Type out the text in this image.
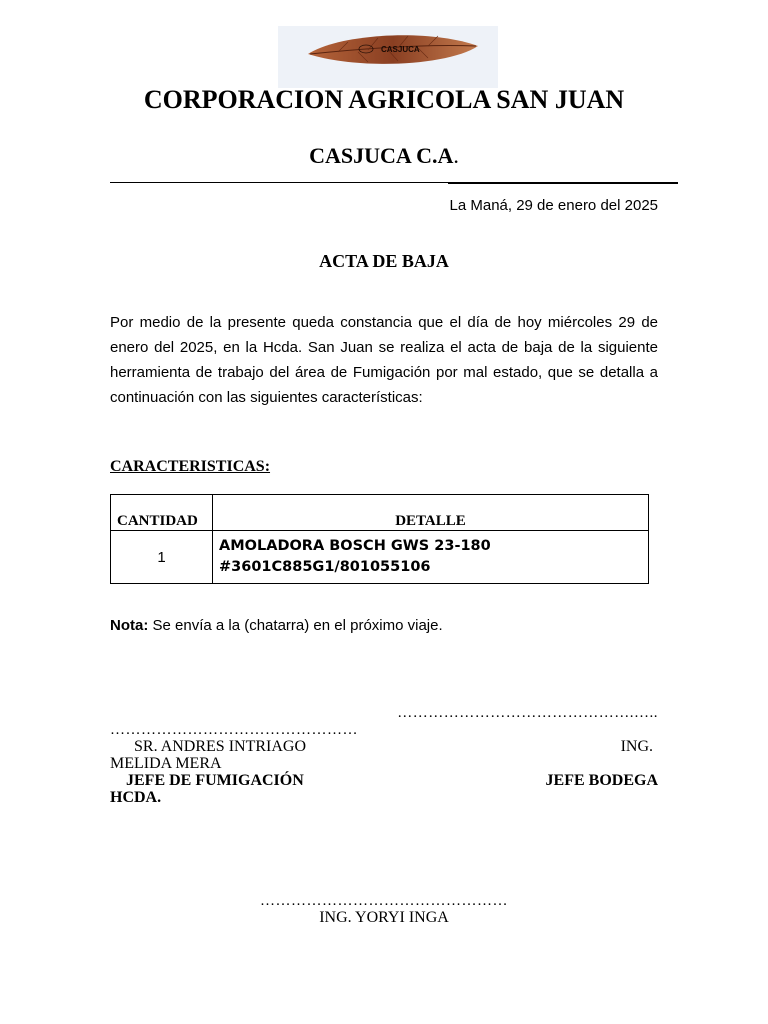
CASJUCA
CORPORACION AGRICOLA SAN JUAN
CASJUCA C.A.
La Maná, 29 de enero del 2025
ACTA DE BAJA
Por medio de la presente queda constancia que el día de hoy miércoles 29 de enero del 2025, en la Hcda. San Juan se realiza el acta de baja de la siguiente herramienta de trabajo del área de Fumigación por mal estado, que se detalla a continuación con las siguientes características:
CARACTERISTICAS:
CANTIDAD	DETALLE
1	AMOLADORA BOSCH GWS 23-180
#3601C885G1/801055106
Nota: Se envía a la (chatarra) en el próximo viaje.
……………………………………….…..
…………………………………………
SR. ANDRES INTRIAGO	ING.
MELIDA MERA
JEFE DE FUMIGACIÓN	JEFE BODEGA
HCDA.
…………………………………………
ING. YORYI INGA
